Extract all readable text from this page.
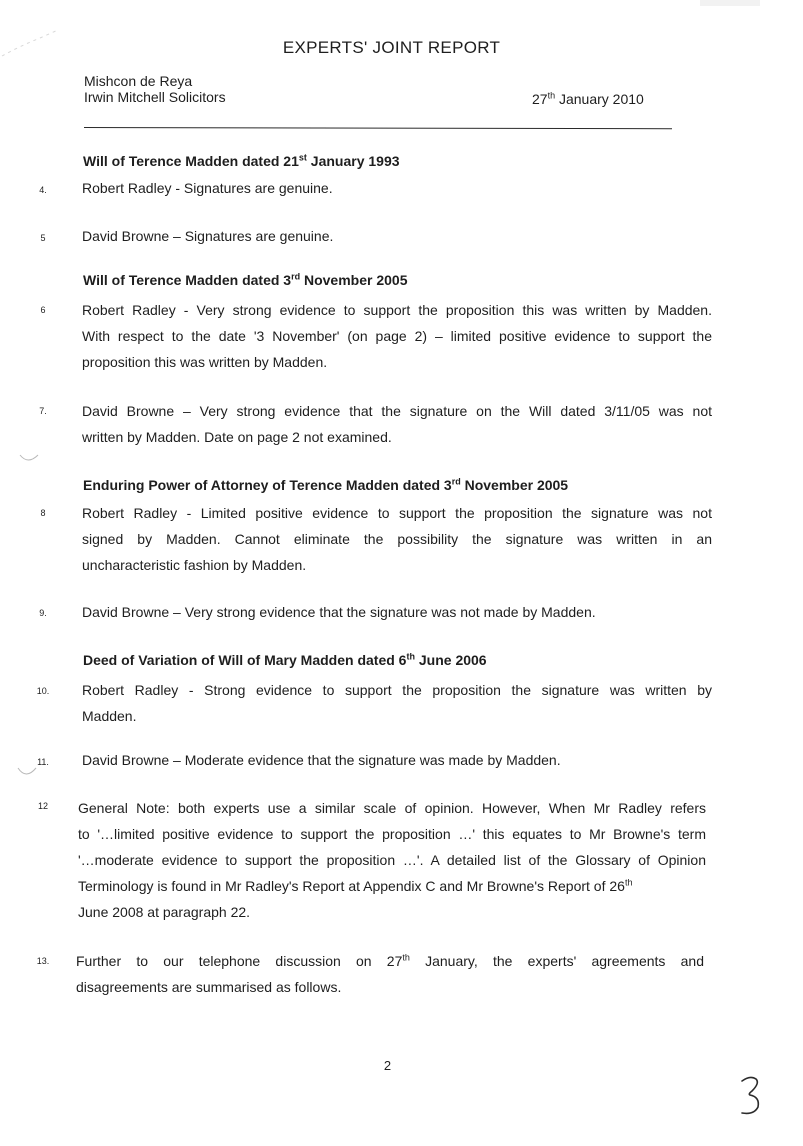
EXPERTS' JOINT REPORT
Mishcon de Reya
Irwin Mitchell Solicitors	27th January 2010
Will of Terence Madden dated 21st January 1993
4.	Robert Radley - Signatures are genuine.
5	David Browne – Signatures are genuine.
Will of Terence Madden dated 3rd November 2005
6	Robert Radley - Very strong evidence to support the proposition this was written by Madden.
With respect to the date '3 November' (on page 2) – limited positive evidence to support the
proposition this was written by Madden.
7.	David Browne – Very strong evidence that the signature on the Will dated 3/11/05 was not
written by Madden. Date on page 2 not examined.
Enduring Power of Attorney of Terence Madden dated 3rd November 2005
8	Robert Radley - Limited positive evidence to support the proposition the signature was not
signed by Madden. Cannot eliminate the possibility the signature was written in an
uncharacteristic fashion by Madden.
9.	David Browne – Very strong evidence that the signature was not made by Madden.
Deed of Variation of Will of Mary Madden dated 6th June 2006
10.	Robert Radley - Strong evidence to support the proposition the signature was written by
Madden.
11.	David Browne – Moderate evidence that the signature was made by Madden.
12	General Note: both experts use a similar scale of opinion. However, When Mr Radley refers
to '…limited positive evidence to support the proposition …' this equates to Mr Browne's term
'…moderate evidence to support the proposition …'. A detailed list of the Glossary of Opinion
Terminology is found in Mr Radley's Report at Appendix C and Mr Browne's Report of 26th
June 2008 at paragraph 22.
13.	Further to our telephone discussion on 27th January, the experts' agreements and
disagreements are summarised as follows.
2
